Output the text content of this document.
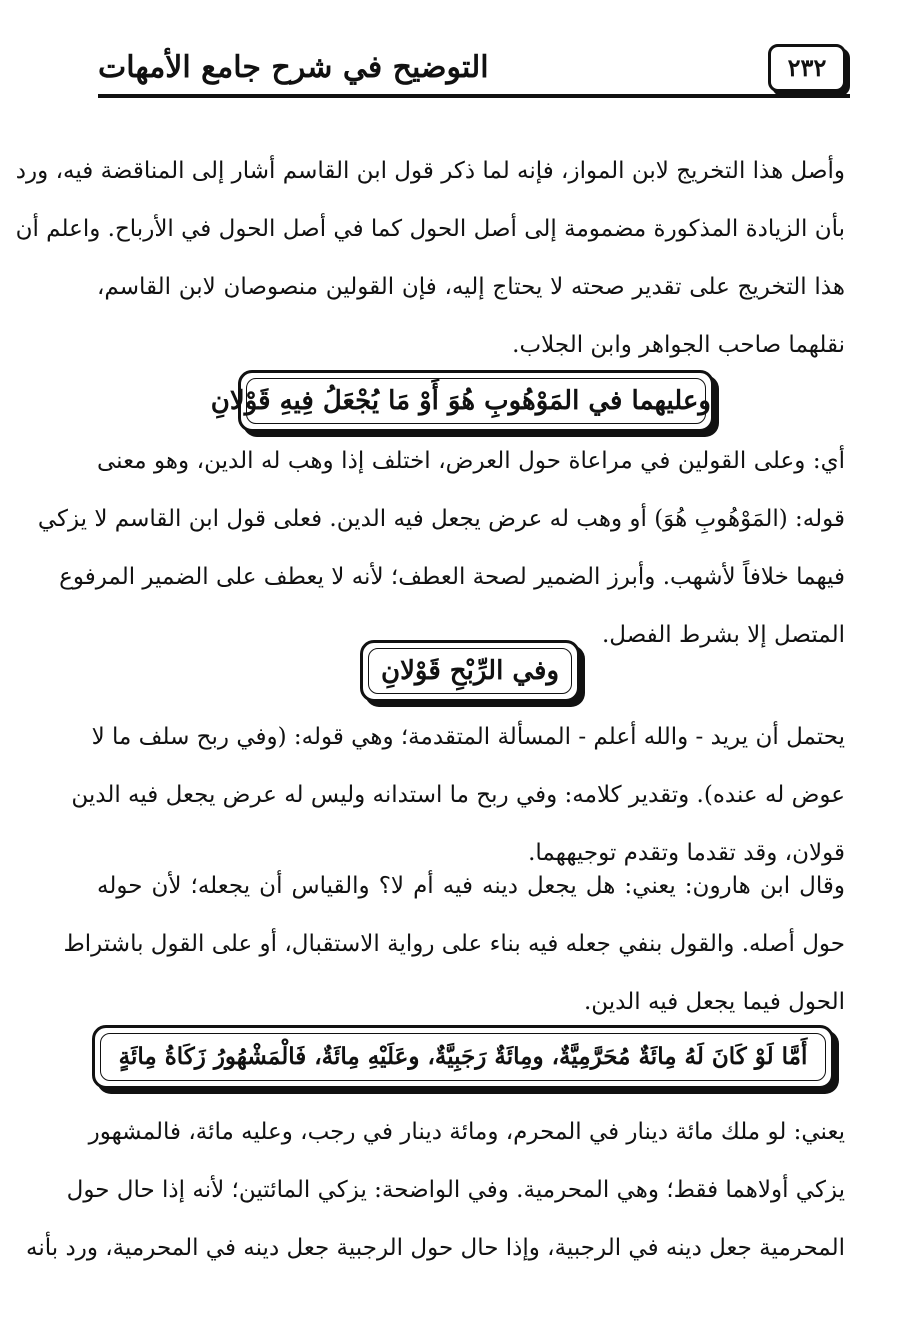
التوضيح في شرح جامع الأمهات	٢٣٢
وأصل هذا التخريج لابن المواز، فإنه لما ذكر قول ابن القاسم أشار إلى المناقضة فيه، ورد
بأن الزيادة المذكورة مضمومة إلى أصل الحول كما في أصل الحول في الأرباح. واعلم أن
هذا التخريج على تقدير صحته لا يحتاج إليه، فإن القولين منصوصان لابن القاسم،
نقلهما صاحب الجواهر وابن الجلاب.
وعليهما في المَوْهُوبِ هُوَ أَوْ مَا يُجْعَلُ فِيهِ قَوْلانِ
أي: وعلى القولين في مراعاة حول العرض، اختلف إذا وهب له الدين، وهو معنى
قوله: (المَوْهُوبِ هُوَ) أو وهب له عرض يجعل فيه الدين. فعلى قول ابن القاسم لا يزكي
فيهما خلافاً لأشهب. وأبرز الضمير لصحة العطف؛ لأنه لا يعطف على الضمير المرفوع
المتصل إلا بشرط الفصل.
وفي الرِّبْحِ قَوْلانِ
يحتمل أن يريد - والله أعلم - المسألة المتقدمة؛ وهي قوله: (وفي ربح سلف ما لا
عوض له عنده). وتقدير كلامه: وفي ربح ما استدانه وليس له عرض يجعل فيه الدين
قولان، وقد تقدما وتقدم توجيههما.
وقال ابن هارون: يعني: هل يجعل دينه فيه أم لا؟ والقياس أن يجعله؛ لأن حوله
حول أصله. والقول بنفي جعله فيه بناء على رواية الاستقبال، أو على القول باشتراط
الحول فيما يجعل فيه الدين.
أَمَّا لَوْ كَانَ لَهُ مِائَةٌ مُحَرَّمِيَّةٌ، ومِائَةٌ رَجَبِيَّةٌ، وعَلَيْهِ مِائَةٌ، فَالْمَشْهُورُ زَكَاةُ مِائَةٍ
يعني: لو ملك مائة دينار في المحرم، ومائة دينار في رجب، وعليه مائة، فالمشهور
يزكي أولاهما فقط؛ وهي المحرمية. وفي الواضحة: يزكي المائتين؛ لأنه إذا حال حول
المحرمية جعل دينه في الرجبية، وإذا حال حول الرجبية جعل دينه في المحرمية، ورد بأنه
